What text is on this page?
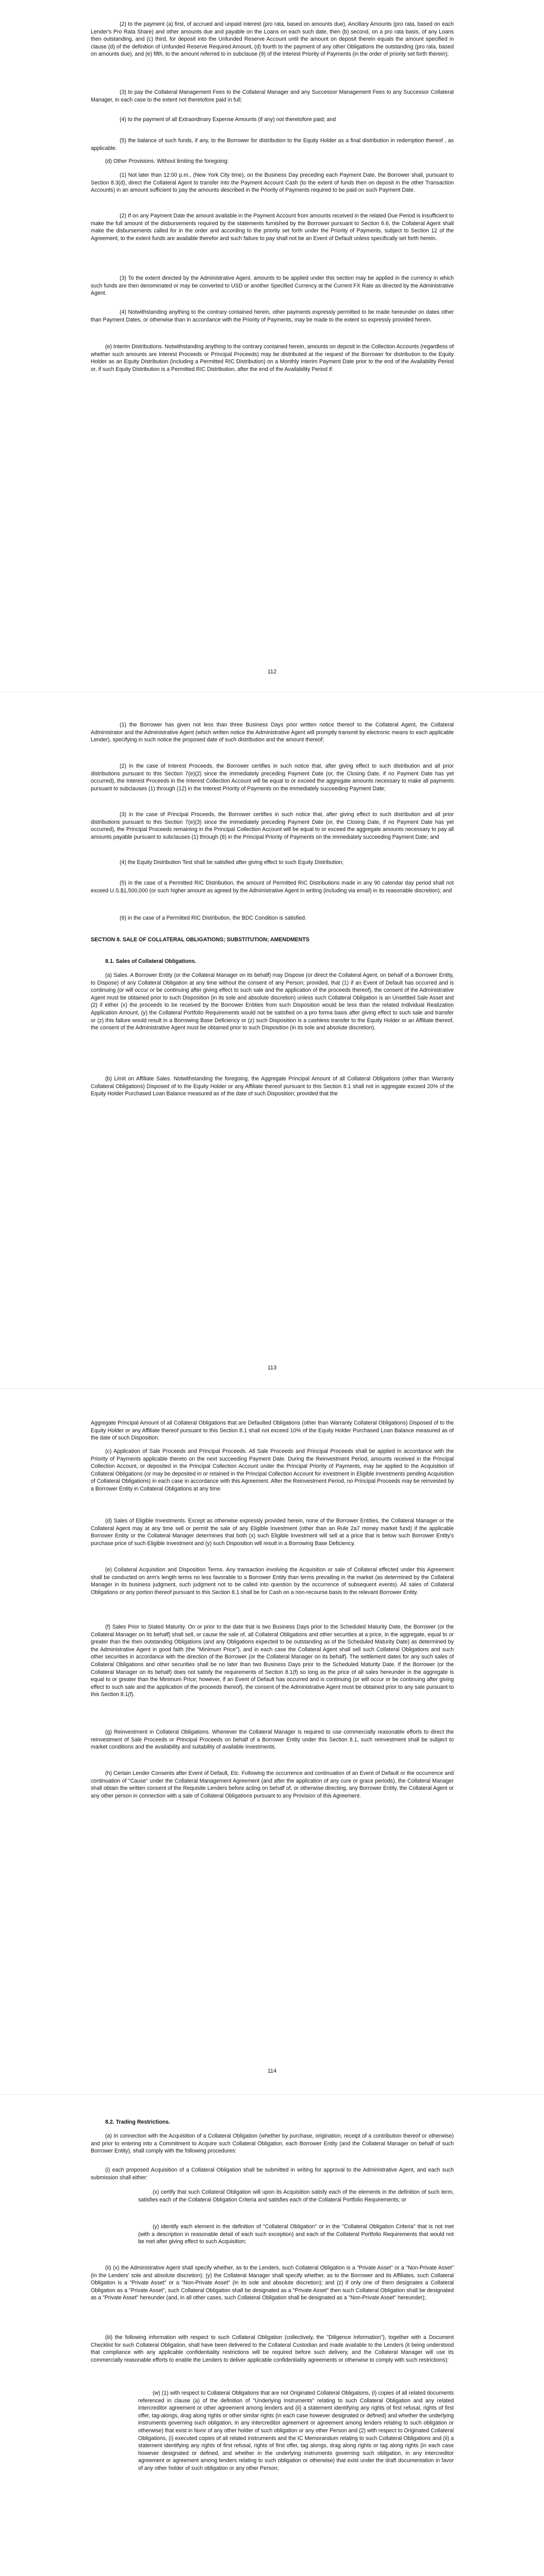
(2) to the payment (a) first, of accrued and unpaid interest (pro rata, based on amounts due), Ancillary Amounts (pro rata, based on each Lender's Pro Rata Share) and other amounts due and payable on the Loans on each such date, then (b) second, on a pro rata basis, of any Loans then outstanding, and (c) third, for deposit into the Unfunded Reserve Account until the amount on deposit therein equals the amount specified in clause (d) of the definition of Unfunded Reserve Required Amount, (d) fourth to the payment of any other Obligations the outstanding (pro rata, based on amounts due), and (e) fifth, to the amount referred to in subclause (9) of the Interest Priority of Payments (in the order of priority set forth therein);
(3) to pay the Collateral Management Fees to the Collateral Manager and any Successor Management Fees to any Successor Collateral Manager, in each case to the extent not theretofore paid in full;
(4) to the payment of all Extraordinary Expense Amounts (if any) not theretofore paid; and
(5) the balance of such funds, if any, to the Borrower for distribution to the Equity Holder as a final distribution in redemption thereof , as applicable.
(d) Other Provisions. Without limiting the foregoing:
(1) Not later than 12:00 p.m., (New York City time), on the Business Day preceding each Payment Date, the Borrower shall, pursuant to Section 8.3(d), direct the Collateral Agent to transfer into the Payment Account Cash (to the extent of funds then on deposit in the other Transaction Accounts) in an amount sufficient to pay the amounts described in the Priority of Payments required to be paid on such Payment Date.
(2) If on any Payment Date the amount available in the Payment Account from amounts received in the related Due Period is insufficient to make the full amount of the disbursements required by the statements furnished by the Borrower pursuant to Section 6.6, the Collateral Agent shall make the disbursements called for in the order and according to the priority set forth under the Priority of Payments, subject to Section 12 of the Agreement, to the extent funds are available therefor and such failure to pay shall not be an Event of Default unless specifically set forth herein.
(3) To the extent directed by the Administrative Agent, amounts to be applied under this section may be applied in the currency in which such funds are then denominated or may be converted to USD or another Specified Currency at the Current FX Rate as directed by the Administrative Agent.
(4) Notwithstanding anything to the contrary contained herein, other payments expressly permitted to be made hereunder on dates other than Payment Dates, or otherwise than in accordance with the Priority of Payments, may be made to the extent so expressly provided herein.
(e) Interim Distributions. Notwithstanding anything to the contrary contained herein, amounts on deposit in the Collection Accounts (regardless of whether such amounts are Interest Proceeds or Principal Proceeds) may be distributed at the request of the Borrower for distribution to the Equity Holder as an Equity Distribution (including a Permitted RIC Distribution) on a Monthly Interim Payment Date prior to the end of the Availability Period or, if such Equity Distribution is a Permitted RIC Distribution, after the end of the Availability Period if:
112
(1) the Borrower has given not less than three Business Days prior written notice thereof to the Collateral Agent, the Collateral Administrator and the Administrative Agent (which written notice the Administrative Agent will promptly transmit by electronic means to each applicable Lender), specifying in such notice the proposed date of such distribution and the amount thereof;
(2) in the case of Interest Proceeds, the Borrower certifies in such notice that, after giving effect to such distribution and all prior distributions pursuant to this Section 7(e)(2) since the immediately preceding Payment Date (or, the Closing Date, if no Payment Date has yet occurred), the Interest Proceeds in the Interest Collection Account will be equal to or exceed the aggregate amounts necessary to make all payments pursuant to subclauses (1) through (12) in the Interest Priority of Payments on the immediately succeeding Payment Date;
(3) in the case of Principal Proceeds, the Borrower certifies in such notice that, after giving effect to such distribution and all prior distributions pursuant to this Section 7(e)(3) since the immediately preceding Payment Date (or, the Closing Date, if no Payment Date has yet occurred), the Principal Proceeds remaining in the Principal Collection Account will be equal to or exceed the aggregate amounts necessary to pay all amounts payable pursuant to subclauses (1) through (8) in the Principal Priority of Payments on the immediately succeeding Payment Date; and
(4) the Equity Distribution Test shall be satisfied after giving effect to such Equity Distribution;
(5) in the case of a Permitted RIC Distribution, the amount of Permitted RIC Distributions made in any 90 calendar day period shall not exceed U.S.$1,500,000 (or such higher amount as agreed by the Administrative Agent in writing (including via email) in its reasonable discretion); and
(6) in the case of a Permitted RIC Distribution, the BDC Condition is satisfied.
SECTION 8. SALE OF COLLATERAL OBLIGATIONS; SUBSTITUTION; AMENDMENTS
8.1. Sales of Collateral Obligations.
(a) Sales. A Borrower Entity (or the Collateral Manager on its behalf) may Dispose (or direct the Collateral Agent, on behalf of a Borrower Entity, to Dispose) of any Collateral Obligation at any time without the consent of any Person; provided, that (1) if an Event of Default has occurred and is continuing (or will occur or be continuing after giving effect to such sale and the application of the proceeds thereof), the consent of the Administrative Agent must be obtained prior to such Disposition (in its sole and absolute discretion) unless such Collateral Obligation is an Unsettled Sale Asset and (2) if either (x) the proceeds to be received by the Borrower Entities from such Disposition would be less than the related Individual Realization Application Amount, (y) the Collateral Portfolio Requirements would not be satisfied on a pro forma basis after giving effect to such sale and transfer or (z) this failure would result in a Borrowing Base Deficiency or (z) such Disposition is a cashless transfer to the Equity Holder or an Affiliate thereof, the consent of the Administrative Agent must be obtained prior to such Disposition (in its sole and absolute discretion).
(b) Limit on Affiliate Sales. Notwithstanding the foregoing, the Aggregate Principal Amount of all Collateral Obligations (other than Warranty Collateral Obligations) Disposed of to the Equity Holder or any Affiliate thereof pursuant to this Section 8.1 shall not in aggregate exceed 20% of the Equity Holder Purchased Loan Balance measured as of the date of such Disposition; provided that the
113
Aggregate Principal Amount of all Collateral Obligations that are Defaulted Obligations (other than Warranty Collateral Obligations) Disposed of to the Equity Holder or any Affiliate thereof pursuant to this Section 8.1 shall not exceed 10% of the Equity Holder Purchased Loan Balance measured as of the date of such Disposition.
(c) Application of Sale Proceeds and Principal Proceeds. All Sale Proceeds and Principal Proceeds shall be applied in accordance with the Priority of Payments applicable thereto on the next succeeding Payment Date. During the Reinvestment Period, amounts received in the Principal Collection Account, or deposited in the Principal Collection Account under the Principal Priority of Payments, may be applied to the Acquisition of Collateral Obligations (or may be deposited in or retained in the Principal Collection Account for investment in Eligible Investments pending Acquisition of Collateral Obligations) in each case in accordance with this Agreement. After the Reinvestment Period, no Principal Proceeds may be reinvested by a Borrower Entity in Collateral Obligations at any time.
(d) Sales of Eligible Investments. Except as otherwise expressly provided herein, none of the Borrower Entities, the Collateral Manager or the Collateral Agent may at any time sell or permit the sale of any Eligible Investment (other than an Rule 2a7 money market fund) if the applicable Borrower Entity or the Collateral Manager determines that both (x) such Eligible Investment will sell at a price that is below such Borrower Entity's purchase price of such Eligible Investment and (y) such Disposition will result in a Borrowing Base Deficiency.
(e) Collateral Acquisition and Disposition Terms. Any transaction involving the Acquisition or sale of Collateral effected under this Agreement shall be conducted on arm's length terms no less favorable to a Borrower Entity than terms prevailing in the market (as determined by the Collateral Manager in its business judgment, such judgment not to be called into question by the occurrence of subsequent events). All sales of Collateral Obligations or any portion thereof pursuant to this Section 8.1 shall be for Cash on a non-recourse basis to the relevant Borrower Entity.
(f) Sales Prior to Stated Maturity. On or prior to the date that is two Business Days prior to the Scheduled Maturity Date, the Borrower (or the Collateral Manager on its behalf) shall sell, or cause the sale of, all Collateral Obligations and other securities at a price, in the aggregate, equal to or greater than the then outstanding Obligations (and any Obligations expected to be outstanding as of the Scheduled Maturity Date) as determined by the Administrative Agent in good faith (the "Minimum Price"), and in each case the Collateral Agent shall sell such Collateral Obligations and such other securities in accordance with the direction of the Borrower (or the Collateral Manager on its behalf). The settlement dates for any such sales of Collateral Obligations and other securities shall be no later than two Business Days prior to the Scheduled Maturity Date. If the Borrower (or the Collateral Manager on its behalf) does not satisfy the requirements of Section 8.1(f) so long as the price of all sales hereunder in the aggregate is equal to or greater than the Minimum Price; however, if an Event of Default has occurred and is continuing (or will occur or be continuing after giving effect to such sale and the application of the proceeds thereof), the consent of the Administrative Agent must be obtained prior to any sale pursuant to this Section 8.1(f).
(g) Reinvestment in Collateral Obligations. Whenever the Collateral Manager is required to use commercially reasonable efforts to direct the reinvestment of Sale Proceeds or Principal Proceeds on behalf of a Borrower Entity under this Section 8.1, such reinvestment shall be subject to market conditions and the availability and suitability of available investments.
(h) Certain Lender Consents after Event of Default, Etc. Following the occurrence and continuation of an Event of Default or the occurrence and continuation of "Cause" under the Collateral Management Agreement (and after the application of any cure or grace periods), the Collateral Manager shall obtain the written consent of the Requisite Lenders before acting on behalf of, or otherwise directing, any Borrower Entity, the Collateral Agent or any other person in connection with a sale of Collateral Obligations pursuant to any Provision of this Agreement.
114
8.2. Trading Restrictions.
(a) In connection with the Acquisition of a Collateral Obligation (whether by purchase, origination, receipt of a contribution thereof or otherwise) and prior to entering into a Commitment to Acquire such Collateral Obligation, each Borrower Entity (and the Collateral Manager on behalf of such Borrower Entity), shall comply with the following procedures:
(i) each proposed Acquisition of a Collateral Obligation shall be submitted in writing for approval to the Administrative Agent, and each such submission shall either:
(x) certify that such Collateral Obligation will upon its Acquisition satisfy each of the elements in the definition of such term, satisfies each of the Collateral Obligation Criteria and satisfies each of the Collateral Portfolio Requirements; or
(y) identify each element in the definition of "Collateral Obligation" or in the "Collateral Obligation Criteria" that is not met (with a description in reasonable detail of each such exception) and each of the Collateral Portfolio Requirements that would not be met after giving effect to such Acquisition;
(ii) (x) the Administrative Agent shall specify whether, as to the Lenders, such Collateral Obligation is a "Private Asset" or a "Non-Private Asset" (in the Lenders' sole and absolute discretion); (y) the Collateral Manager shall specify whether, as to the Borrower and its Affiliates, such Collateral Obligation is a "Private Asset" or a "Non-Private Asset" (in its sole and absolute discretion); and (z) if only one of them designates a Collateral Obligation as a "Private Asset", such Collateral Obligation shall be designated as a "Private Asset" then such Collateral Obligation shall be designated as a "Private Asset" hereunder (and, in all other cases, such Collateral Obligation shall be designated as a "Non-Private Asset" hereunder);
(iii) the following information with respect to such Collateral Obligation (collectively, the "Diligence Information"), together with a Document Checklist for such Collateral Obligation, shall have been delivered to the Collateral Custodian and made available to the Lenders (it being understood that compliance with any applicable confidentiality restrictions will be required before such delivery, and the Collateral Manager will use its commercially reasonable efforts to enable the Lenders to deliver applicable confidentiality agreements or otherwise to comply with such restrictions):
(w) (1) with respect to Collateral Obligations that are not Originated Collateral Obligations, (i) copies of all related documents referenced in clause (a) of the definition of "Underlying Instruments" relating to such Collateral Obligation and any related intercreditor agreement or other agreement among lenders and (ii) a statement identifying any rights of first refusal, rights of first offer, tag-alongs, drag along rights or other similar rights (in each case however designated or defined) and whether the underlying instruments governing such obligation, in any intercreditor agreement or agreement among lenders relating to such obligation or otherwise) that exist in favor of any other holder of such obligation or any other Person and (2) with respect to Originated Collateral Obligations, (i) executed copies of all related instruments and the IC Memorandum relating to such Collateral Obligations and (ii) a statement identifying any rights of first refusal, rights of first offer, tag alongs, drag along rights or tag along rights (in each case however designated or defined, and whether in the underlying instruments governing such obligation, in any intercreditor agreement or agreement among lenders relating to such obligation or otherwise) that exist under the draft documentation in favor of any other holder of such obligation or any other Person;
